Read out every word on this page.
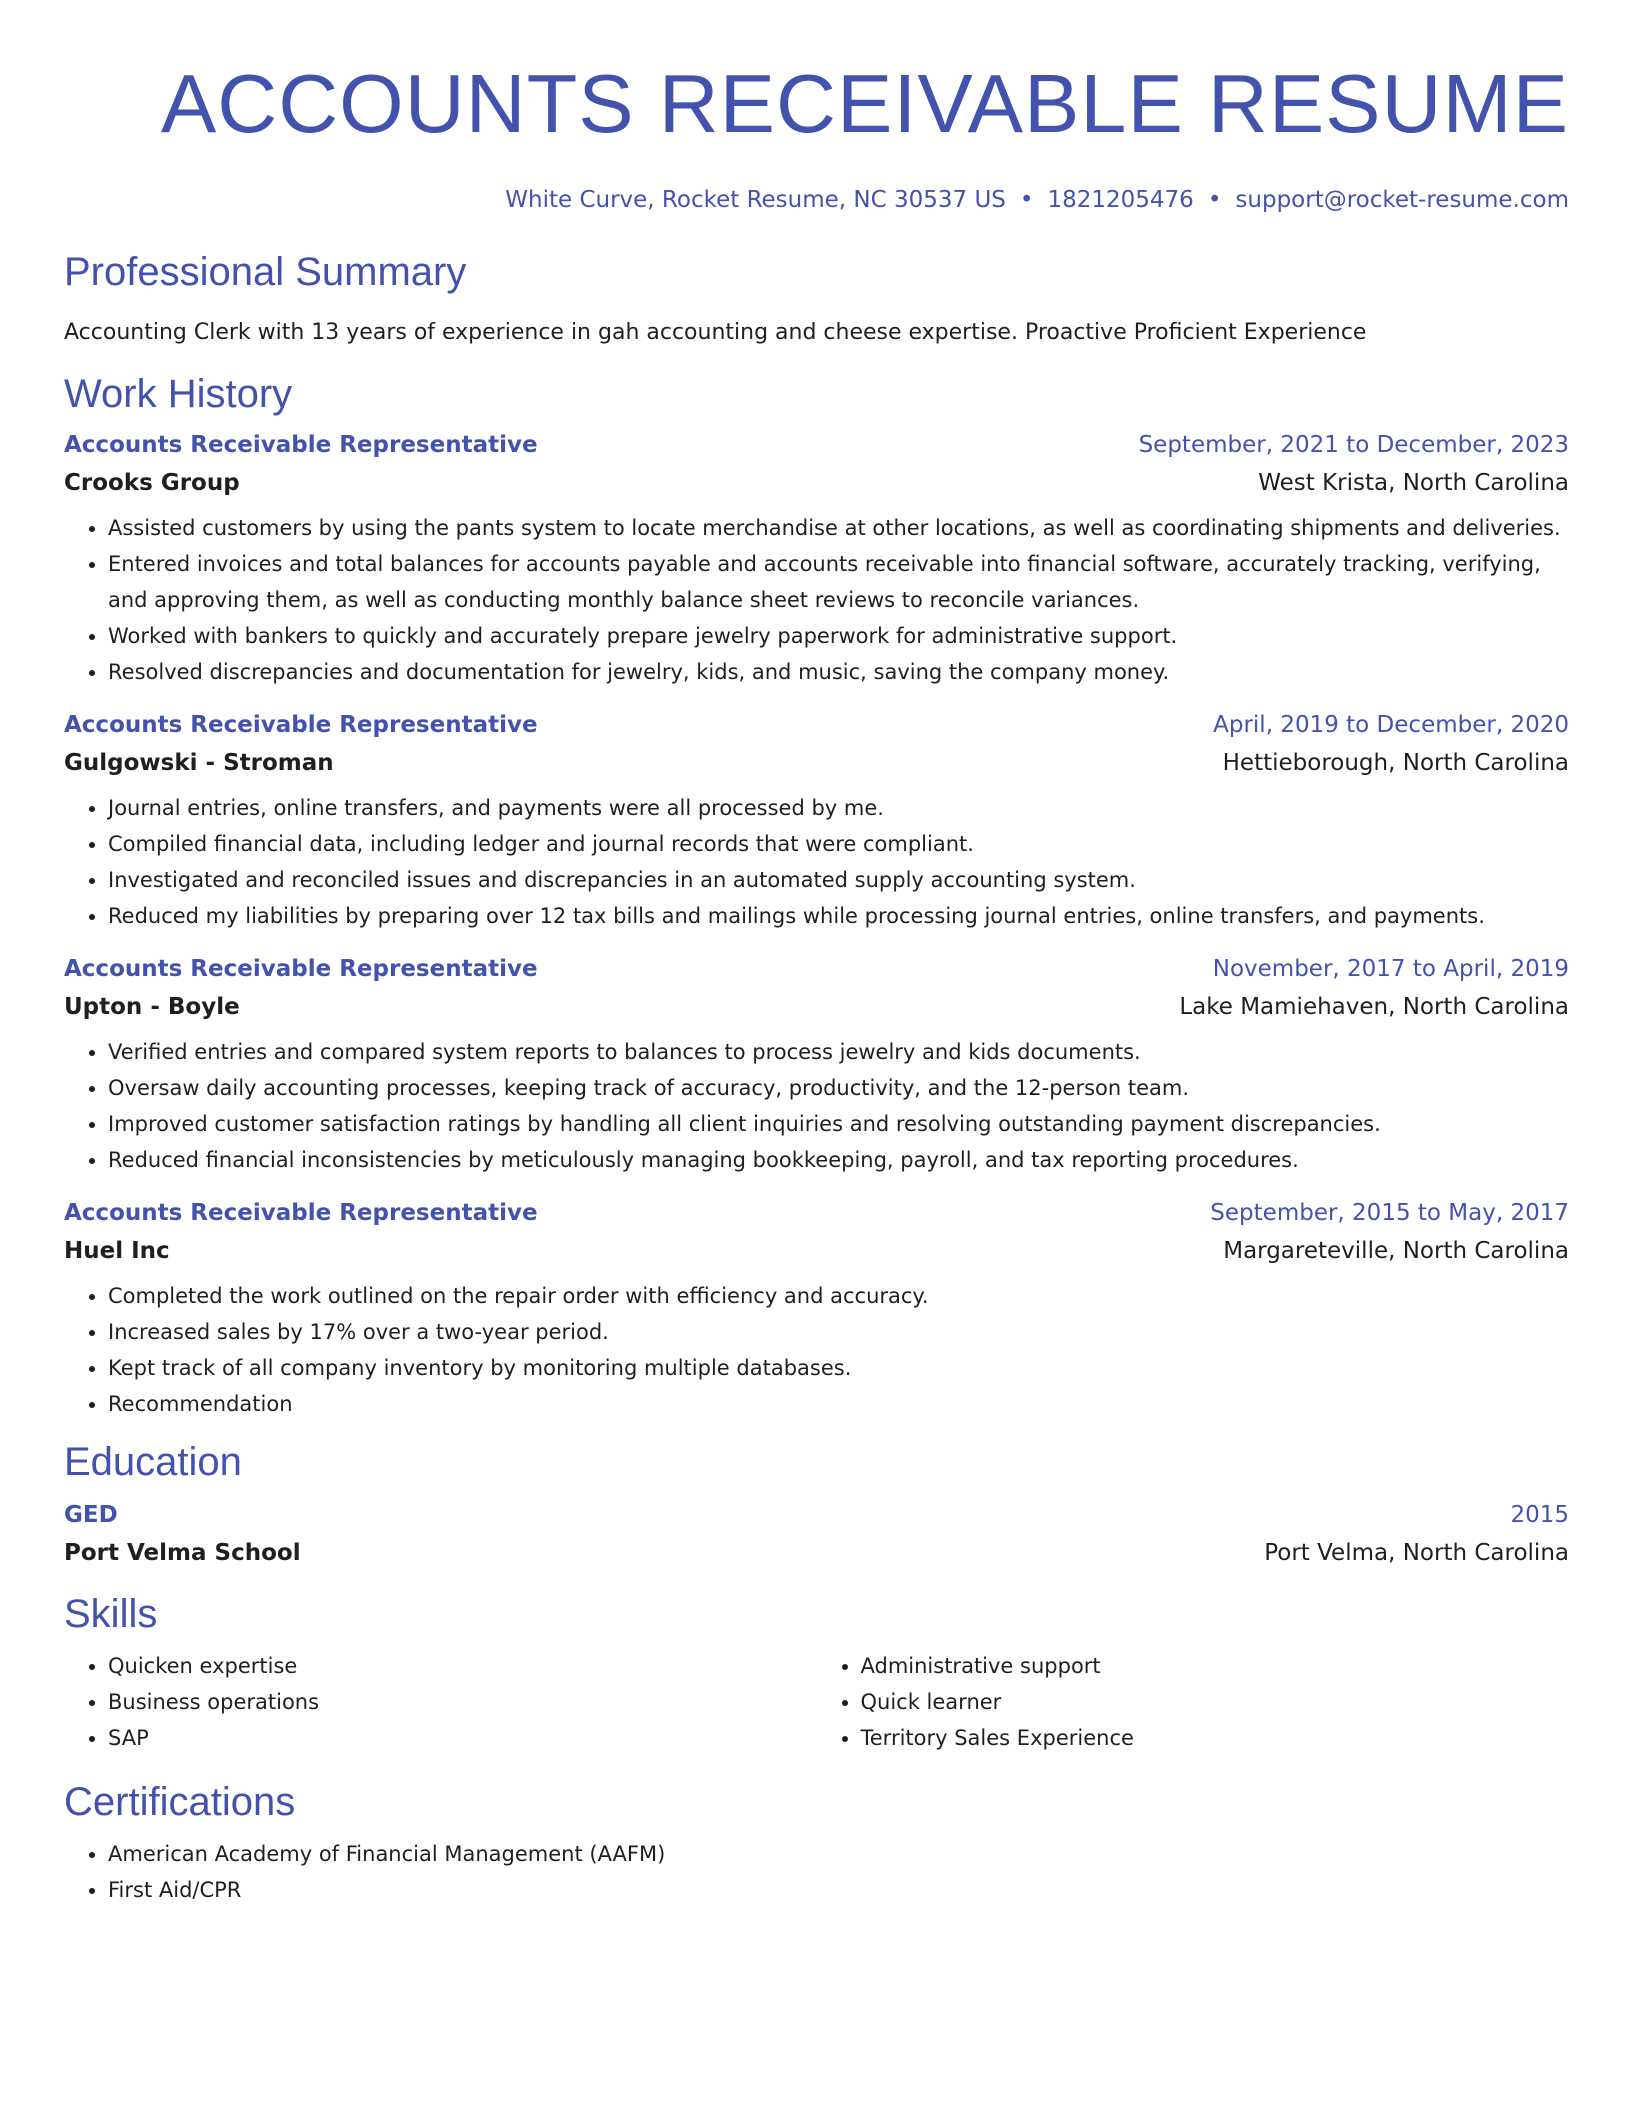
ACCOUNTS RECEIVABLE RESUME
White Curve, Rocket Resume, NC 30537 US • 1821205476 • support@rocket-resume.com
Professional Summary
Accounting Clerk with 13 years of experience in gah accounting and cheese expertise. Proactive Proficient Experience
Work History
Accounts Receivable Representative	September, 2021 to December, 2023
Crooks Group	West Krista, North Carolina
• Assisted customers by using the pants system to locate merchandise at other locations, as well as coordinating shipments and deliveries.
• Entered invoices and total balances for accounts payable and accounts receivable into financial software, accurately tracking, verifying, and approving them, as well as conducting monthly balance sheet reviews to reconcile variances.
• Worked with bankers to quickly and accurately prepare jewelry paperwork for administrative support.
• Resolved discrepancies and documentation for jewelry, kids, and music, saving the company money.
Accounts Receivable Representative	April, 2019 to December, 2020
Gulgowski - Stroman	Hettieborough, North Carolina
• Journal entries, online transfers, and payments were all processed by me.
• Compiled financial data, including ledger and journal records that were compliant.
• Investigated and reconciled issues and discrepancies in an automated supply accounting system.
• Reduced my liabilities by preparing over 12 tax bills and mailings while processing journal entries, online transfers, and payments.
Accounts Receivable Representative	November, 2017 to April, 2019
Upton - Boyle	Lake Mamiehaven, North Carolina
• Verified entries and compared system reports to balances to process jewelry and kids documents.
• Oversaw daily accounting processes, keeping track of accuracy, productivity, and the 12-person team.
• Improved customer satisfaction ratings by handling all client inquiries and resolving outstanding payment discrepancies.
• Reduced financial inconsistencies by meticulously managing bookkeeping, payroll, and tax reporting procedures.
Accounts Receivable Representative	September, 2015 to May, 2017
Huel Inc	Margareteville, North Carolina
• Completed the work outlined on the repair order with efficiency and accuracy.
• Increased sales by 17% over a two-year period.
• Kept track of all company inventory by monitoring multiple databases.
• Recommendation
Education
GED	2015
Port Velma School	Port Velma, North Carolina
Skills
• Quicken expertise
• Business operations
• SAP
• Administrative support
• Quick learner
• Territory Sales Experience
Certifications
• American Academy of Financial Management (AAFM)
• First Aid/CPR
